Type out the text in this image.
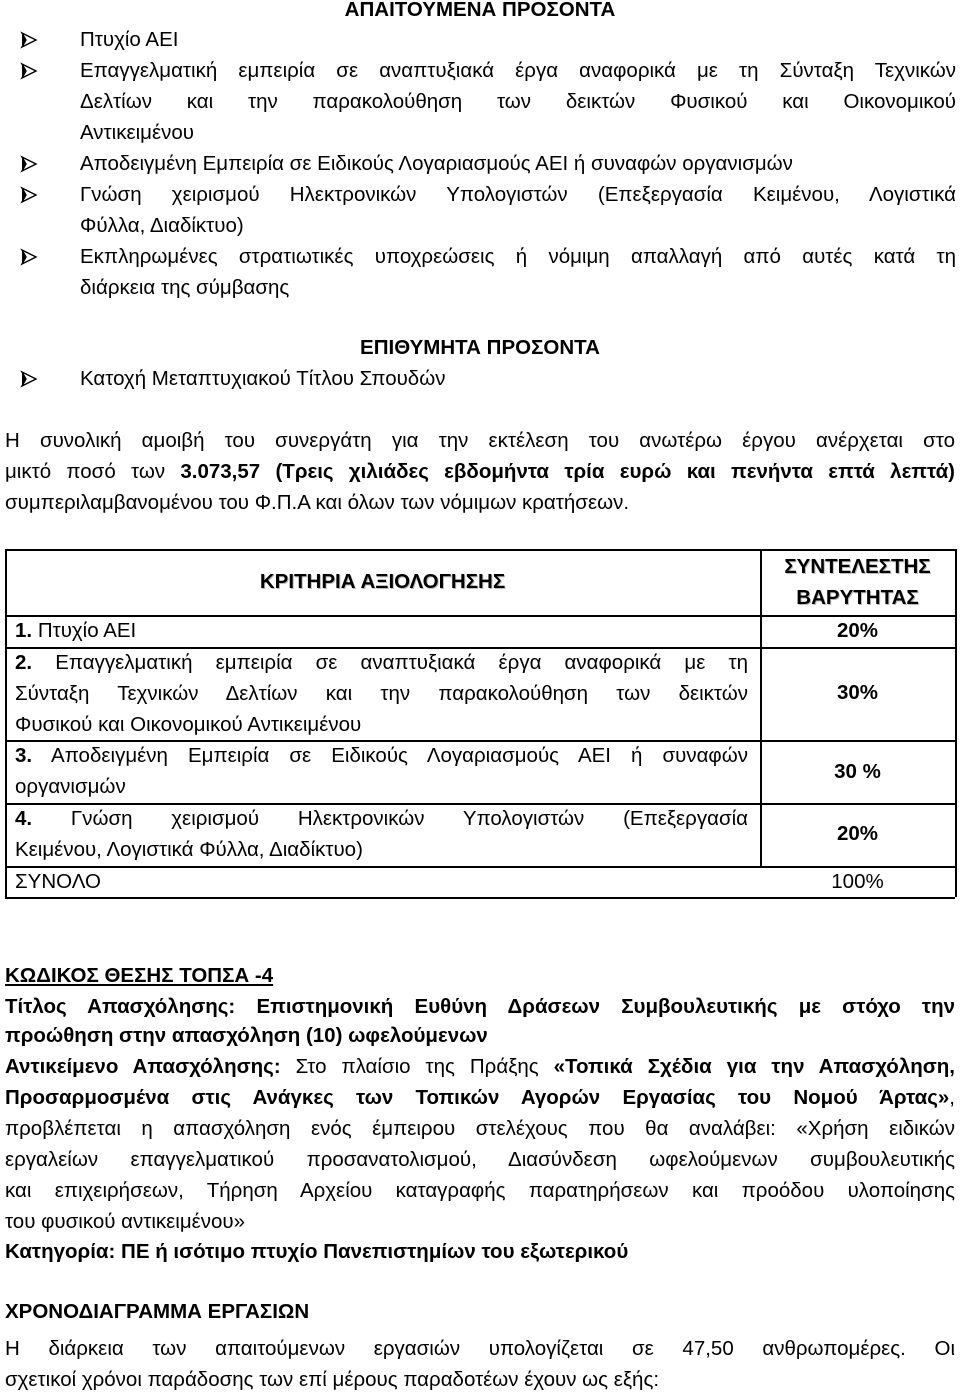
ΑΠΑΙΤΟΥΜΕΝΑ ΠΡΟΣΟΝΤΑ
Πτυχίο ΑΕΙ
Επαγγελματική εμπειρία σε αναπτυξιακά έργα αναφορικά με τη Σύνταξη Τεχνικών
Δελτίων και την παρακολούθηση των δεικτών Φυσικού και Οικονομικού
Αντικειμένου
Αποδειγμένη Εμπειρία σε Ειδικούς Λογαριασμούς ΑΕΙ ή συναφών οργανισμών
Γνώση χειρισμού Ηλεκτρονικών Υπολογιστών (Επεξεργασία Κειμένου, Λογιστικά
Φύλλα, Διαδίκτυο)
Εκπληρωμένες στρατιωτικές υποχρεώσεις ή νόμιμη απαλλαγή από αυτές κατά τη
διάρκεια της σύμβασης
ΕΠΙΘΥΜΗΤΑ ΠΡΟΣΟΝΤΑ
Κατοχή Μεταπτυχιακού Τίτλου Σπουδών
Η συνολική αμοιβή του συνεργάτη για την εκτέλεση του ανωτέρω έργου ανέρχεται στο
μικτό ποσό των 3.073,57 (Τρεις χιλιάδες εβδομήντα τρία ευρώ και πενήντα επτά λεπτά)
συμπεριλαμβανομένου του Φ.Π.Α και όλων των νόμιμων κρατήσεων.
ΚΡΙΤΗΡΙΑ ΑΞΙΟΛΟΓΗΣΗΣ
ΣΥΝΤΕΛΕΣΤΗΣ
ΒΑΡΥΤΗΤΑΣ
1. Πτυχίο ΑΕΙ	20%
2. Επαγγελματική εμπειρία σε αναπτυξιακά έργα αναφορικά με τη
Σύνταξη Τεχνικών Δελτίων και την παρακολούθηση των δεικτών
Φυσικού και Οικονομικού Αντικειμένου
30%
3. Αποδειγμένη Εμπειρία σε Ειδικούς Λογαριασμούς ΑΕΙ ή συναφών
οργανισμών
30 %
4. Γνώση χειρισμού Ηλεκτρονικών Υπολογιστών (Επεξεργασία
Κειμένου, Λογιστικά Φύλλα, Διαδίκτυο)
20%
ΣΥΝΟΛΟ	100%
ΚΩΔΙΚΟΣ ΘΕΣΗΣ ΤΟΠΣΑ -4
Τίτλος Απασχόλησης: Επιστημονική Ευθύνη Δράσεων Συμβουλευτικής με στόχο την
προώθηση στην απασχόληση (10) ωφελούμενων
Αντικείμενο Απασχόλησης: Στο πλαίσιο της Πράξης «Τοπικά Σχέδια για την Απασχόληση,
Προσαρμοσμένα στις Ανάγκες των Τοπικών Αγορών Εργασίας του Νομού Άρτας»,
προβλέπεται η απασχόληση ενός έμπειρου στελέχους που θα αναλάβει: «Χρήση ειδικών
εργαλείων επαγγελματικού προσανατολισμού, Διασύνδεση ωφελούμενων συμβουλευτικής
και επιχειρήσεων, Τήρηση Αρχείου καταγραφής παρατηρήσεων και προόδου υλοποίησης
του φυσικού αντικειμένου»
Κατηγορία: ΠΕ ή ισότιμο πτυχίο Πανεπιστημίων του εξωτερικού
ΧΡΟΝΟΔΙΑΓΡΑΜΜΑ ΕΡΓΑΣΙΩΝ
Η διάρκεια των απαιτούμενων εργασιών υπολογίζεται σε 47,50 ανθρωπομέρες. Οι
σχετικοί χρόνοι παράδοσης των επί μέρους παραδοτέων έχουν ως εξής:
